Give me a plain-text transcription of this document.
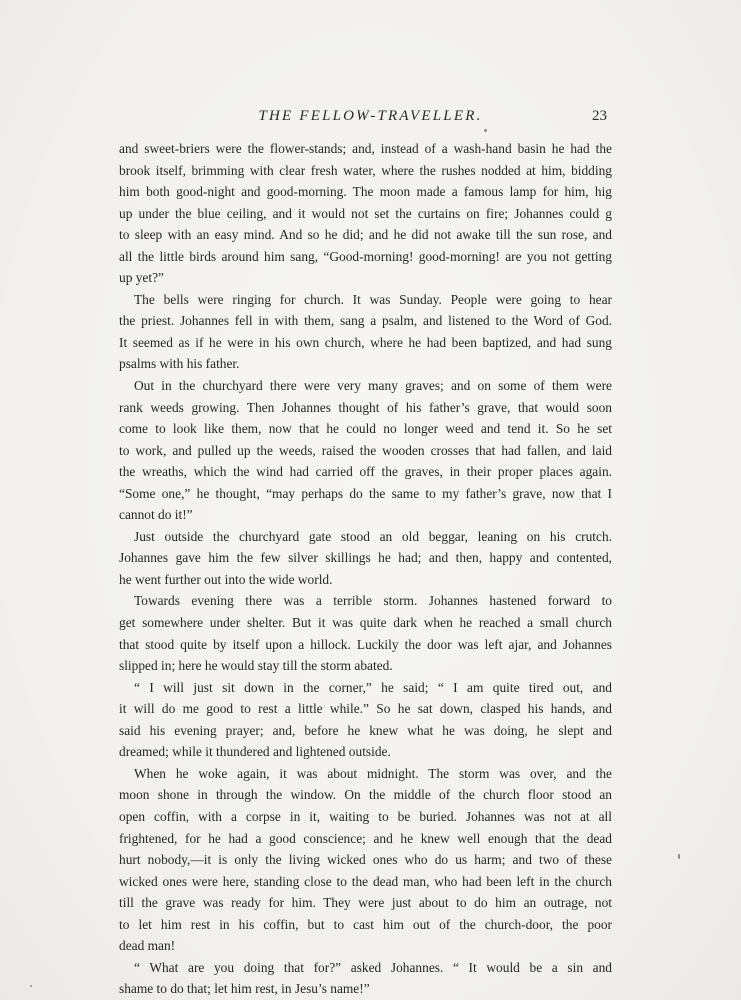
THE FELLOW-TRAVELLER.	23
and sweet-briers were the flower-stands; and, instead of a wash-hand basin he had the
brook itself, brimming with clear fresh water, where the rushes nodded at him, bidding
him both good-night and good-morning. The moon made a famous lamp for him, hig
up under the blue ceiling, and it would not set the curtains on fire; Johannes could g
to sleep with an easy mind. And so he did; and he did not awake till the sun rose, and
all the little birds around him sang, “Good-morning! good-morning! are you not getting
up yet?”
The bells were ringing for church. It was Sunday. People were going to hear
the priest. Johannes fell in with them, sang a psalm, and listened to the Word of God.
It seemed as if he were in his own church, where he had been baptized, and had sung
psalms with his father.
Out in the churchyard there were very many graves; and on some of them were
rank weeds growing. Then Johannes thought of his father’s grave, that would soon
come to look like them, now that he could no longer weed and tend it. So he set
to work, and pulled up the weeds, raised the wooden crosses that had fallen, and laid
the wreaths, which the wind had carried off the graves, in their proper places again.
“Some one,” he thought, “may perhaps do the same to my father’s grave, now that I
cannot do it!”
Just outside the churchyard gate stood an old beggar, leaning on his crutch.
Johannes gave him the few silver skillings he had; and then, happy and contented,
he went further out into the wide world.
Towards evening there was a terrible storm. Johannes hastened forward to
get somewhere under shelter. But it was quite dark when he reached a small church
that stood quite by itself upon a hillock. Luckily the door was left ajar, and Johannes
slipped in; here he would stay till the storm abated.
“ I will just sit down in the corner,” he said; “ I am quite tired out, and
it will do me good to rest a little while.” So he sat down, clasped his hands, and
said his evening prayer; and, before he knew what he was doing, he slept and
dreamed; while it thundered and lightened outside.
When he woke again, it was about midnight. The storm was over, and the
moon shone in through the window. On the middle of the church floor stood an
open coffin, with a corpse in it, waiting to be buried. Johannes was not at all
frightened, for he had a good conscience; and he knew well enough that the dead
hurt nobody,—it is only the living wicked ones who do us harm; and two of these
wicked ones were here, standing close to the dead man, who had been left in the church
till the grave was ready for him. They were just about to do him an outrage, not
to let him rest in his coffin, but to cast him out of the church-door, the poor
dead man!
“ What are you doing that for?” asked Johannes. “ It would be a sin and
shame to do that; let him rest, in Jesu’s name!”
